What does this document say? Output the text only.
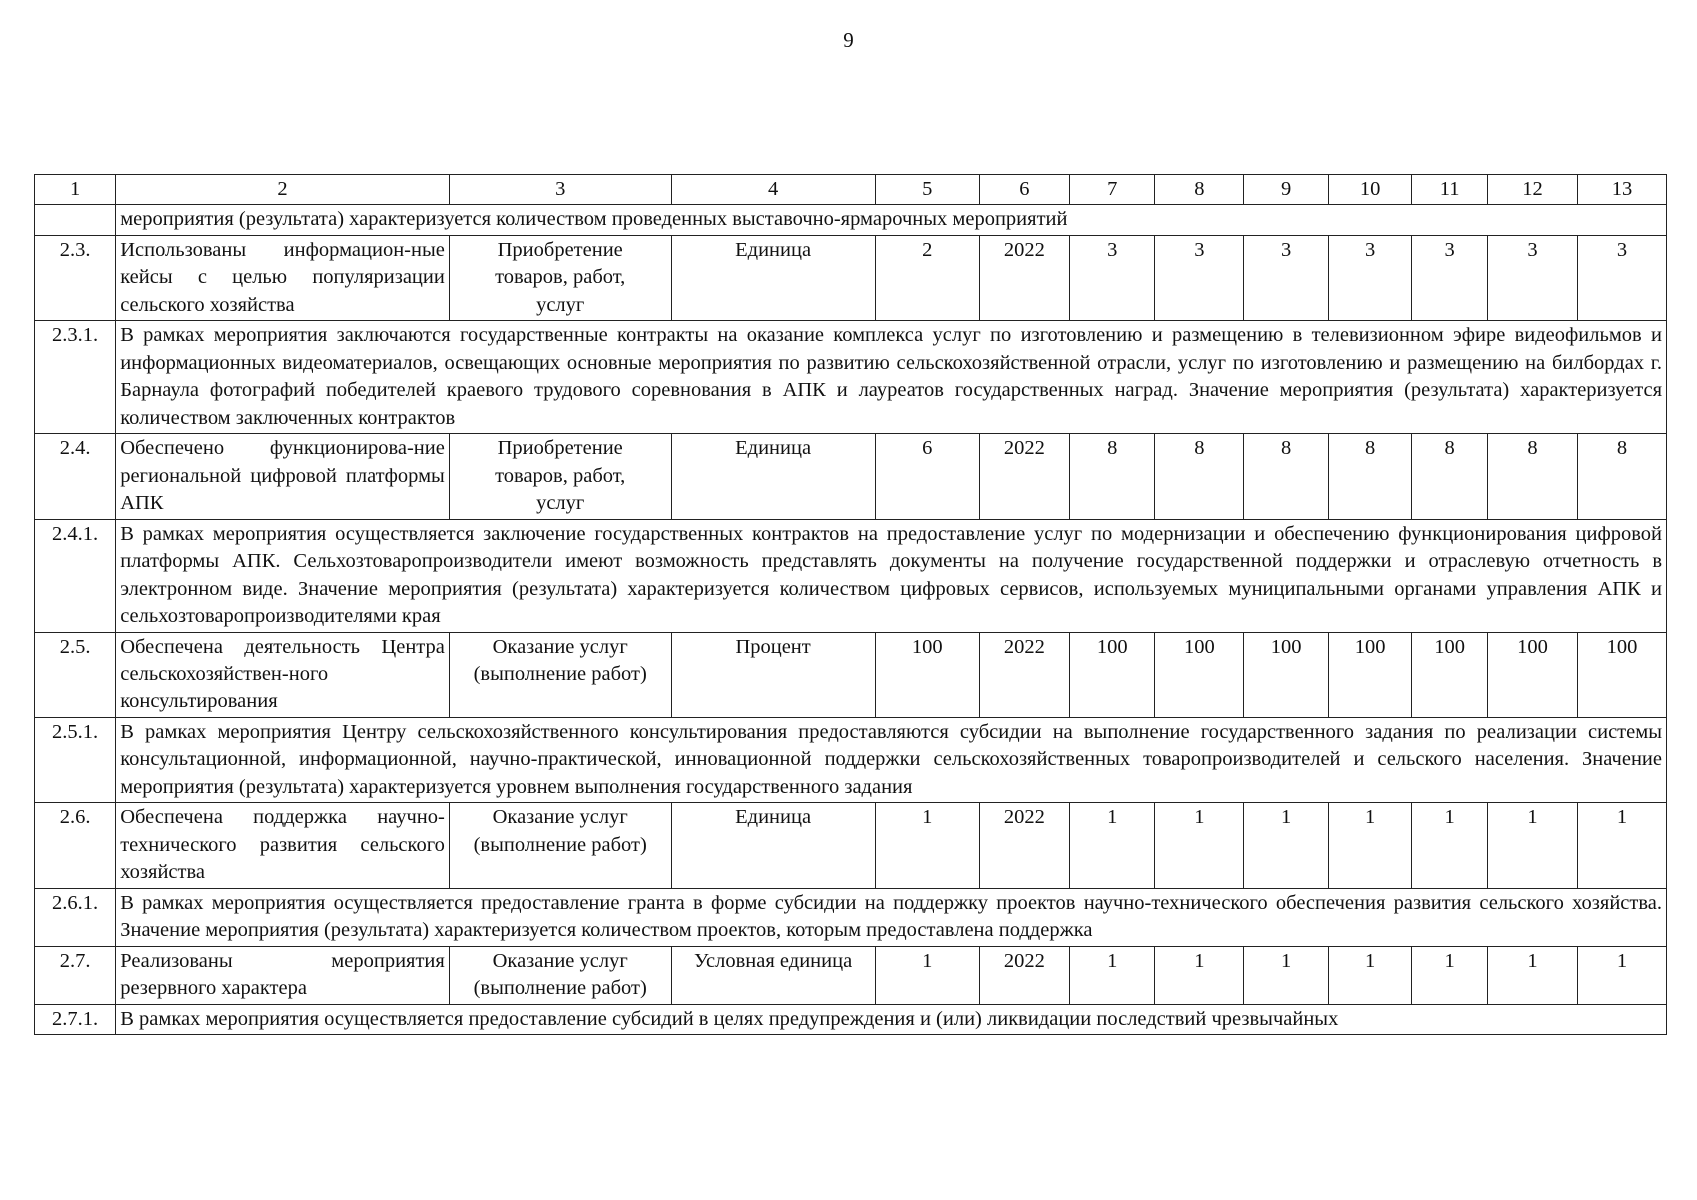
9
1	2	3	4	5	6	7	8	9	10	11	12	13
	мероприятия (результата) характеризуется количеством проведенных выставочно-ярмарочных мероприятий											
2.3.	Использованы информацион-ные кейсы с целью популяризации сельского хозяйства	Приобретение
товаров, работ,
услуг	Единица	2	2022	3	3	3	3	3	3	3
2.3.1.	В рамках мероприятия заключаются государственные контракты на оказание комплекса услуг по изготовлению и размещению в телевизионном эфире видеофильмов и информационных видеоматериалов, освещающих основные мероприятия по развитию сельскохозяйственной отрасли, услуг по изготовлению и размещению на билбордах г. Барнаула фотографий победителей краевого трудового соревнования в АПК и лауреатов государственных наград. Значение мероприятия (результата) характеризуется количеством заключенных контрактов											
2.4.	Обеспечено функционирова-ние региональной цифровой платформы АПК	Приобретение
товаров, работ,
услуг	Единица	6	2022	8	8	8	8	8	8	8
2.4.1.	В рамках мероприятия осуществляется заключение государственных контрактов на предоставление услуг по модернизации и обеспечению функционирования цифровой платформы АПК. Сельхозтоваропроизводители имеют возможность представлять документы на получение государственной поддержки и отраслевую отчетность в электронном виде. Значение мероприятия (результата) характеризуется количеством цифровых сервисов, используемых муниципальными органами управления АПК и сельхозтоваропроизводителями края											
2.5.	Обеспечена деятельность Центра сельскохозяйствен-ного консультирования	Оказание услуг
(выполнение работ)	Процент	100	2022	100	100	100	100	100	100	100
2.5.1.	В рамках мероприятия Центру сельскохозяйственного консультирования предоставляются субсидии на выполнение государственного задания по реализации системы консультационной, информационной, научно-практической, инновационной поддержки сельскохозяйственных товаропроизводителей и сельского населения. Значение мероприятия (результата) характеризуется уровнем выполнения государственного задания											
2.6.	Обеспечена поддержка научно-технического развития сельского хозяйства	Оказание услуг
(выполнение работ)	Единица	1	2022	1	1	1	1	1	1	1
2.6.1.	В рамках мероприятия осуществляется предоставление гранта в форме субсидии на поддержку проектов научно-технического обеспечения развития сельского хозяйства. Значение мероприятия (результата) характеризуется количеством проектов, которым предоставлена поддержка											
2.7.	Реализованы мероприятия резервного характера	Оказание услуг
(выполнение работ)	Условная единица	1	2022	1	1	1	1	1	1	1
2.7.1.	В рамках мероприятия осуществляется предоставление субсидий в целях предупреждения и (или) ликвидации последствий чрезвычайных											
